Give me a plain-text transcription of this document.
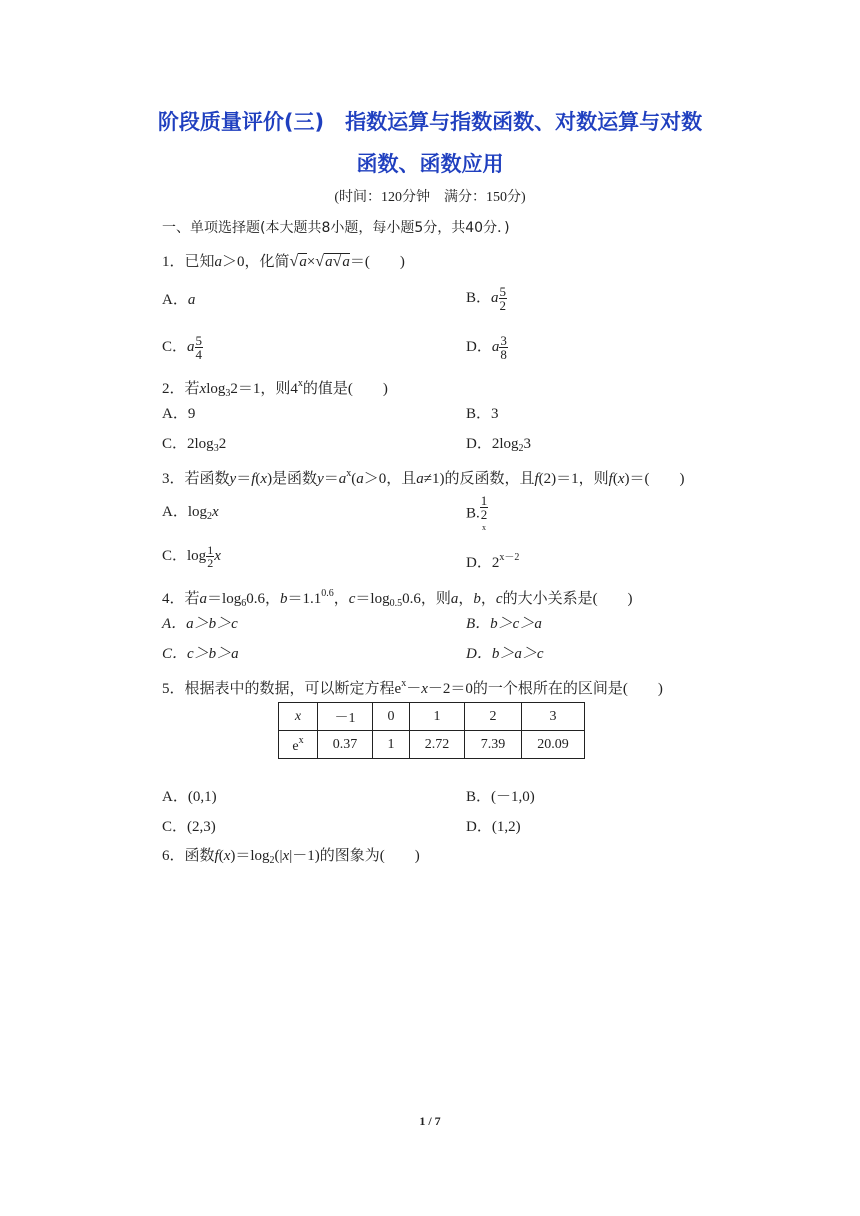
阶段质量评价(三)　指数运算与指数函数、对数运算与对数
函数、函数应用
(时间：120分钟　满分：150分)
一、单项选择题(本大题共8小题，每小题5分，共40分．)
1．已知a＞0，化简√a×√a√a＝(　　)
A．a	B．a $\frac{5}{2}$
C．a $\frac{5}{4}$	D．a $\frac{3}{8}$
2．若xlog$_3$2＝1，则4$^x$的值是(　　)
A．9	B．3
C．$2\log_32$	D．$2\log_23$
3．若函数y＝f(x)是函数$y=a^x(a>0$，且a≠1)的反函数，且f(2)＝1，则f(x)＝(　　)
A．$\log_2x$	B. 1
2
x
C．$\log \frac{1}{2}$ x	D．$2^{x-2}$
4．若$a=\log_60.6$，$b=1.1^{0.6}$，$c=\log_{0.5}0.6$，则a，b，c的大小关系是(　　)
A．a＞b＞c	B．b＞c＞a
C．c＞b＞a	D．b＞a＞c
5．根据表中的数据，可以断定方程$e^x-x-2=0$的一个根所在的区间是(　　)
x	－1	0	1	2	3
$e^x$	0.37	1	2.72	7.39	20.09
A．(0,1)	B．(－1,0)
C．(2,3)	D．(1,2)
6．函数$f(x)=\log_2(|x|-1)$的图象为(　　)
1 / 7
